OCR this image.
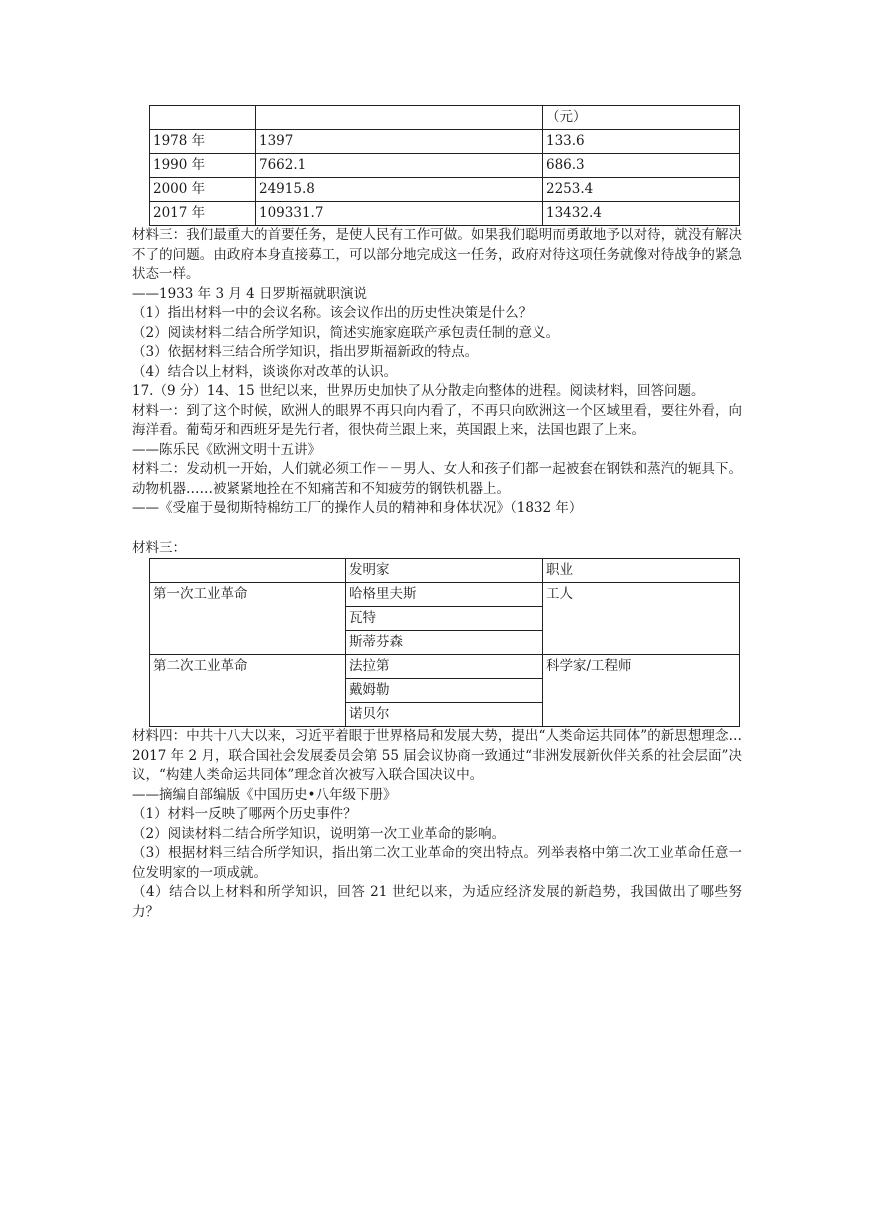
		（元）
1978 年	1397	133.6
1990 年	7662.1	686.3
2000 年	24915.8	2253.4
2017 年	109331.7	13432.4

材料三：我们最重大的首要任务，是使人民有工作可做。如果我们聪明而勇敢地予以对待，就没有解决不了的问题。由政府本身直接募工，可以部分地完成这一任务，政府对待这项任务就像对待战争的紧急状态一样。

——1933 年 3 月 4 日罗斯福就职演说

（1）指出材料一中的会议名称。该会议作出的历史性决策是什么？

（2）阅读材料二结合所学知识，简述实施家庭联产承包责任制的意义。

（3）依据材料三结合所学知识，指出罗斯福新政的特点。

（4）结合以上材料，谈谈你对改革的认识。

17.（9 分）14、15 世纪以来，世界历史加快了从分散走向整体的进程。阅读材料，回答问题。

材料一：到了这个时候，欧洲人的眼界不再只向内看了，不再只向欧洲这一个区域里看，要往外看，向海洋看。葡萄牙和西班牙是先行者，很快荷兰跟上来，英国跟上来，法国也跟了上来。

——陈乐民《欧洲文明十五讲》

材料二：发动机一开始，人们就必须工作－－男人、女人和孩子们都一起被套在钢铁和蒸汽的轭具下。动物机器……被紧紧地拴在不知痛苦和不知疲劳的钢铁机器上。

——《受雇于曼彻斯特棉纺工厂的操作人员的精神和身体状况》（1832 年）

材料三：

	发明家	职业
第一次工业革命	哈格里夫斯	工人
	瓦特	
	斯蒂芬森	
第二次工业革命	法拉第	科学家/工程师
	戴姆勒	
	诺贝尔	

材料四：中共十八大以来，习近平着眼于世界格局和发展大势，提出“人类命运共同体”的新思想理念…2017 年 2 月，联合国社会发展委员会第 55 届会议协商一致通过“非洲发展新伙伴关系的社会层面”决议，“构建人类命运共同体”理念首次被写入联合国决议中。

——摘编自部编版《中国历史•八年级下册》

（1）材料一反映了哪两个历史事件？

（2）阅读材料二结合所学知识，说明第一次工业革命的影响。

（3）根据材料三结合所学知识，指出第二次工业革命的突出特点。列举表格中第二次工业革命任意一位发明家的一项成就。

（4）结合以上材料和所学知识，回答 21 世纪以来，为适应经济发展的新趋势，我国做出了哪些努力？
